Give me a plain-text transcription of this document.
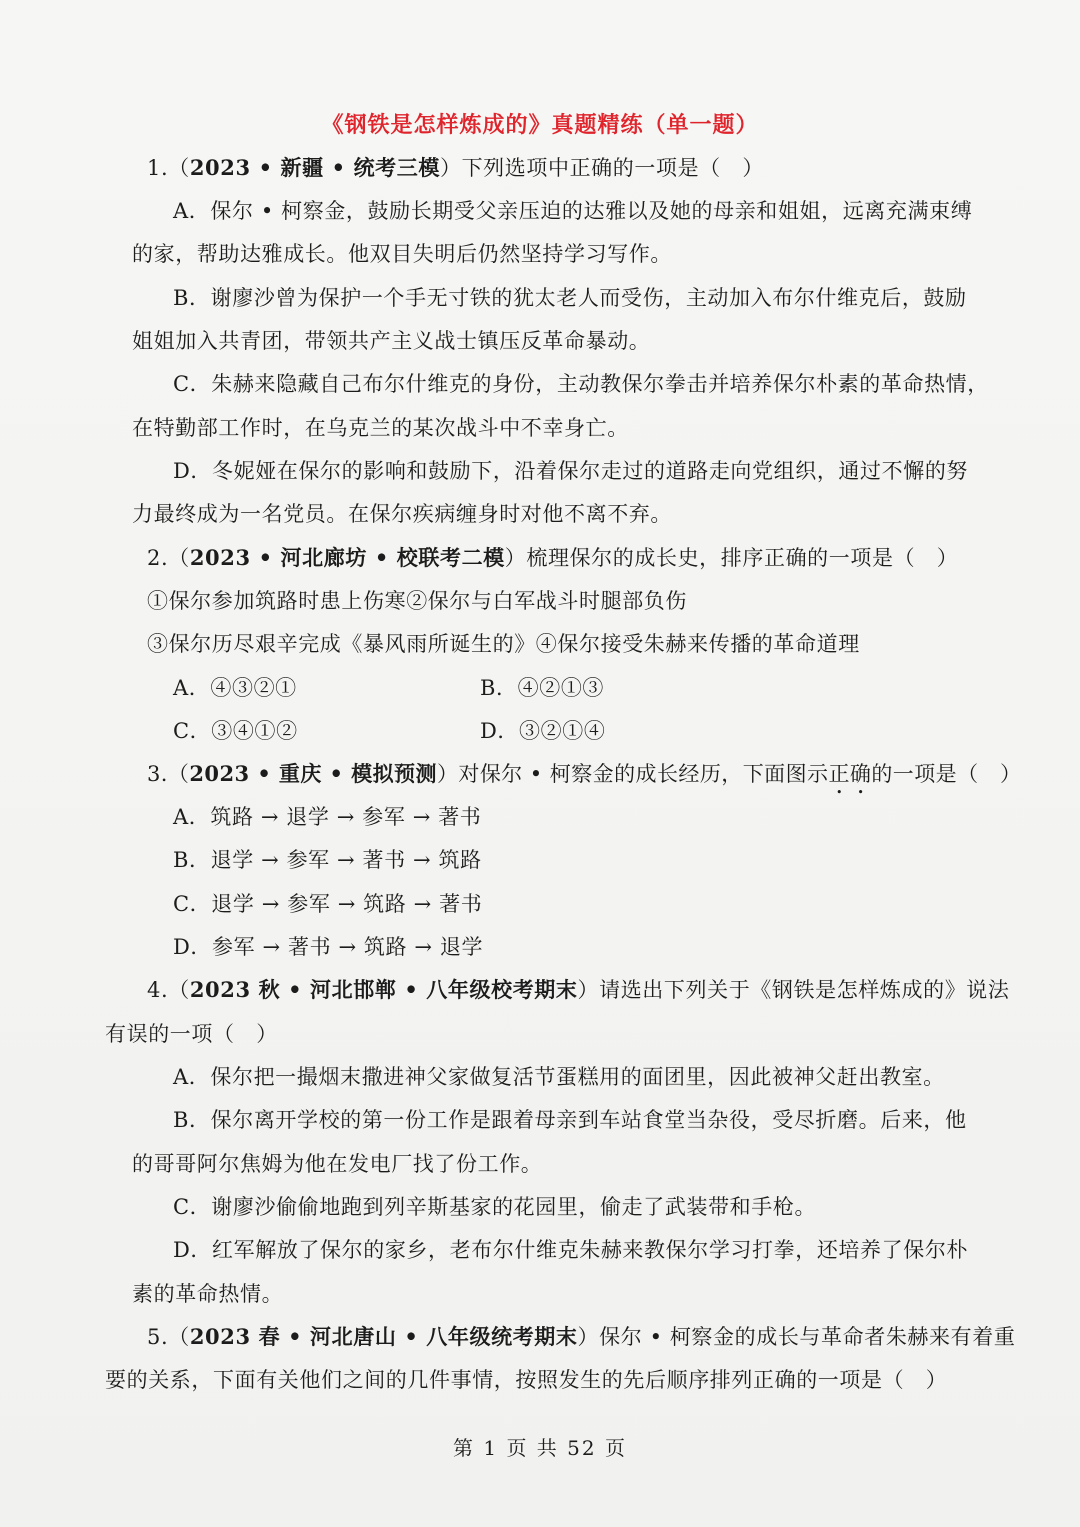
《钢铁是怎样炼成的》真题精练（单一题）
1.（2023 • 新疆 • 统考三模）下列选项中正确的一项是（　）
A．保尔 • 柯察金，鼓励长期受父亲压迫的达雅以及她的母亲和姐姐，远离充满束缚
的家，帮助达雅成长。他双目失明后仍然坚持学习写作。
B．谢廖沙曾为保护一个手无寸铁的犹太老人而受伤，主动加入布尔什维克后，鼓励
姐姐加入共青团，带领共产主义战士镇压反革命暴动。
C．朱赫来隐藏自己布尔什维克的身份，主动教保尔拳击并培养保尔朴素的革命热情，
在特勤部工作时，在乌克兰的某次战斗中不幸身亡。
D．冬妮娅在保尔的影响和鼓励下，沿着保尔走过的道路走向党组织，通过不懈的努
力最终成为一名党员。在保尔疾病缠身时对他不离不弃。
2.（2023 • 河北廊坊 • 校联考二模）梳理保尔的成长史，排序正确的一项是（　）
①保尔参加筑路时患上伤寒②保尔与白军战斗时腿部负伤
③保尔历尽艰辛完成《暴风雨所诞生的》④保尔接受朱赫来传播的革命道理
A．④③②①	B．④②①③
C．③④①②	D．③②①④
3.（2023 • 重庆 • 模拟预测）对保尔 • 柯察金的成长经历，下面图示正确的一项是（　）
A．筑路 → 退学 → 参军 → 著书
B．退学 → 参军 → 著书 → 筑路
C．退学 → 参军 → 筑路 → 著书
D．参军 → 著书 → 筑路 → 退学
4.（2023 秋 • 河北邯郸 • 八年级校考期末）请选出下列关于《钢铁是怎样炼成的》说法
有误的一项（　）
A．保尔把一撮烟末撒进神父家做复活节蛋糕用的面团里，因此被神父赶出教室。
B．保尔离开学校的第一份工作是跟着母亲到车站食堂当杂役，受尽折磨。后来，他
的哥哥阿尔焦姆为他在发电厂找了份工作。
C．谢廖沙偷偷地跑到列辛斯基家的花园里，偷走了武装带和手枪。
D．红军解放了保尔的家乡，老布尔什维克朱赫来教保尔学习打拳，还培养了保尔朴
素的革命热情。
5.（2023 春 • 河北唐山 • 八年级统考期末）保尔 • 柯察金的成长与革命者朱赫来有着重
要的关系，下面有关他们之间的几件事情，按照发生的先后顺序排列正确的一项是（　）
第 1 页 共 52 页
